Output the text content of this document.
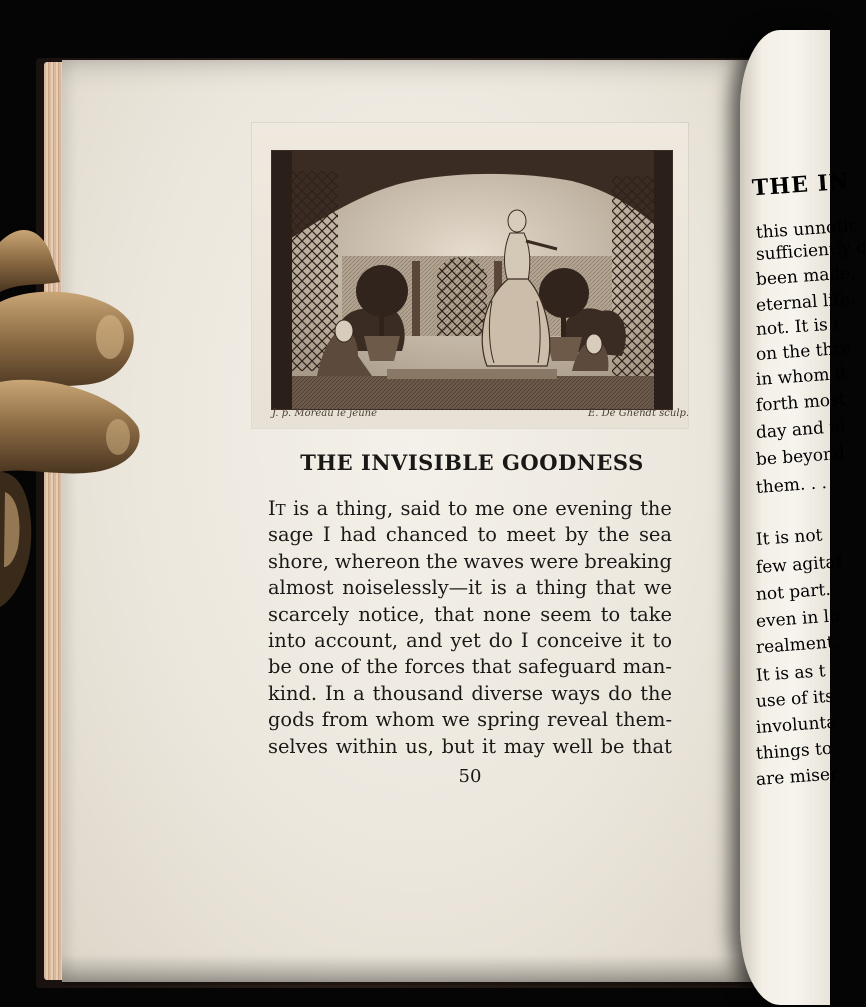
THE IN
this unnotic
sufficiently c
been made,
eternal life.
not. It is t
on the thre
in whom it
forth most
day and ni
be beyond
them. . . .
It is not
few agitat
not part.
even in lo
realment,
It is as t
use of its
involunta
things to
are miser
J. p. Moreau le jeune	E. De Ghendt sculp.
THE INVISIBLE GOODNESS
IT is a thing, said to me one evening the
sage I had chanced to meet by the sea
shore, whereon the waves were breaking
almost noiselessly—it is a thing that we
scarcely notice, that none seem to take
into account, and yet do I conceive it to
be one of the forces that safeguard man-
kind. In a thousand diverse ways do the
gods from whom we spring reveal them-
selves within us, but it may well be that
50
